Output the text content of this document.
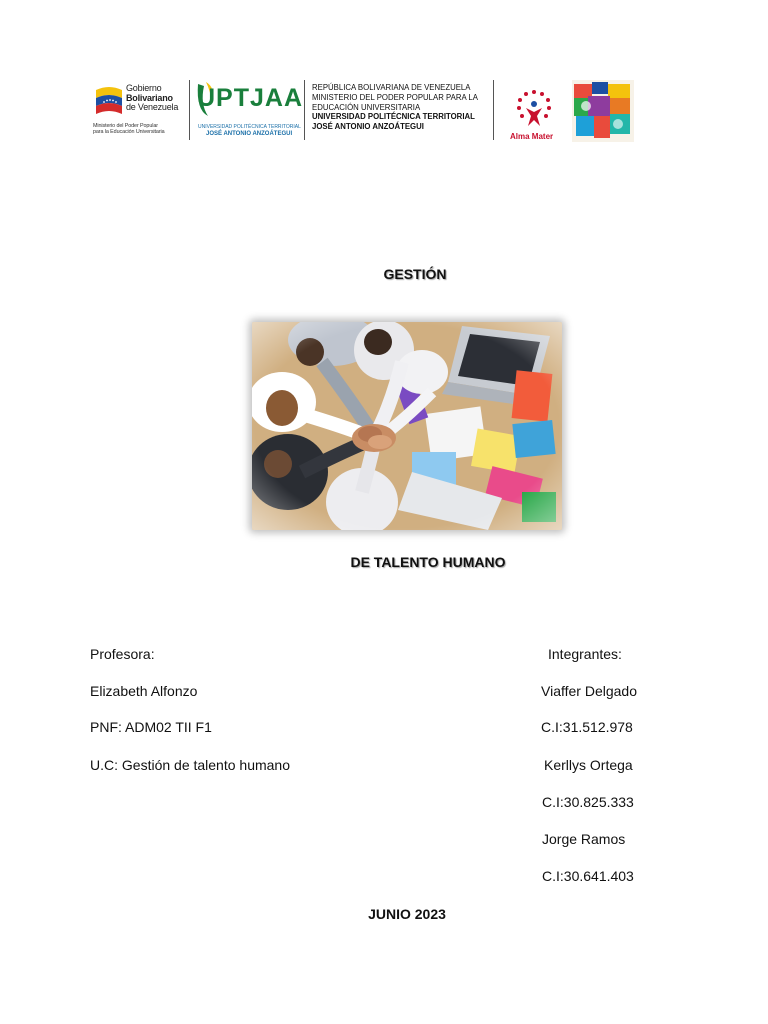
Gobierno
Bolivariano
de Venezuela
Ministerio del Poder Popular
para la Educación Universitaria
UPTJAA
UNIVERSIDAD POLITÉCNICA TERRITORIAL
JOSÉ ANTONIO ANZOÁTEGUI
REPÚBLICA BOLIVARIANA DE VENEZUELA
MINISTERIO DEL PODER POPULAR PARA LA
EDUCACIÓN UNIVERSITARIA
UNIVERSIDAD POLITÉCNICA TERRITORIAL
JOSÉ ANTONIO ANZOÁTEGUI
Alma Mater
GESTIÓN
DE TALENTO HUMANO
Profesora:
Elizabeth Alfonzo
PNF: ADM02 TII F1
U.C: Gestión de talento humano
Integrantes:
Viaffer Delgado
C.I:31.512.978
Kerllys Ortega
C.I:30.825.333
Jorge Ramos
C.I:30.641.403
JUNIO 2023
